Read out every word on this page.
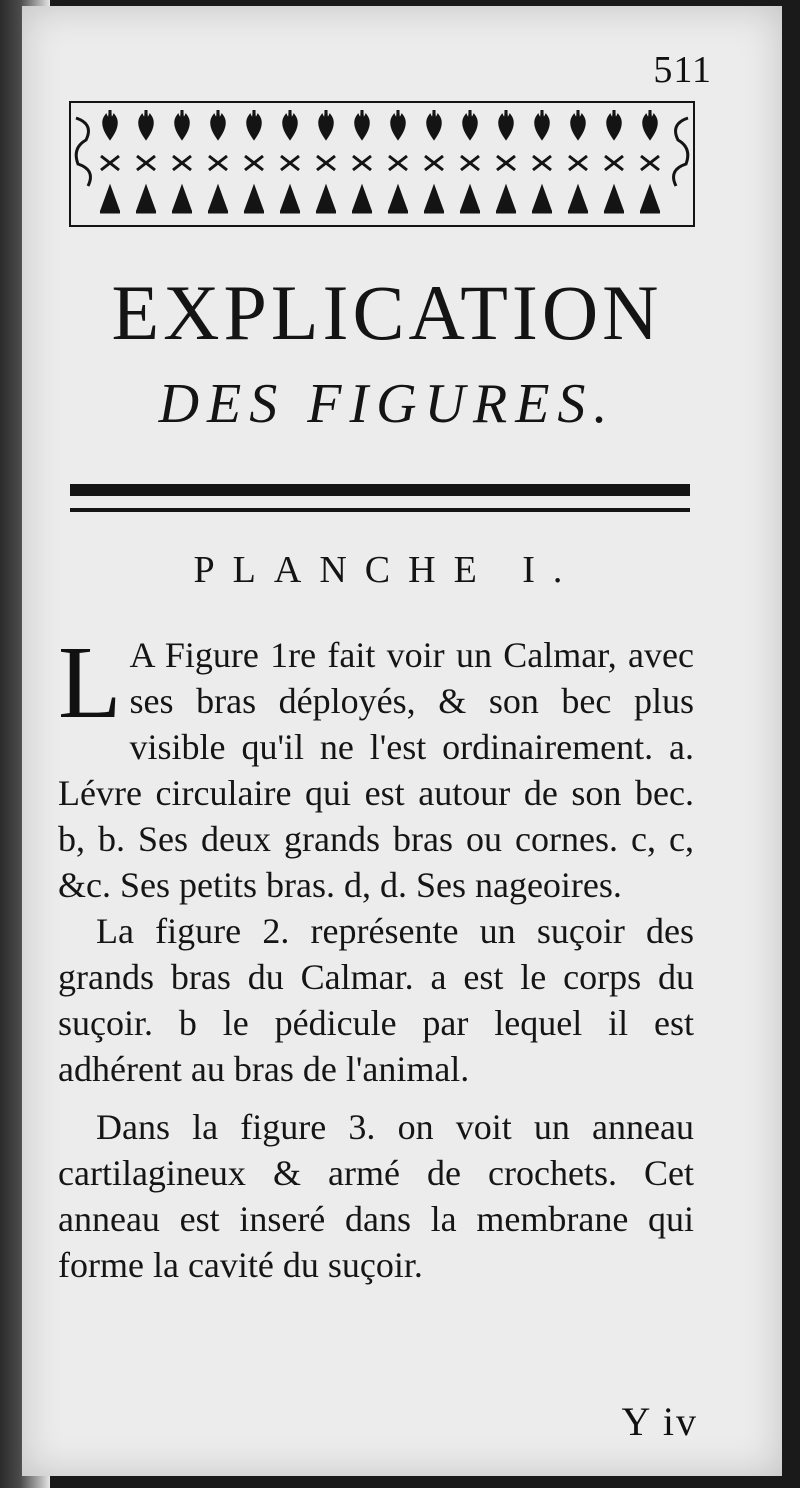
511
EXPLICATION
DES FIGURES.
PLANCHE I.

L A Figure 1re fait voir un Calmar, avec ses bras déployés, & son bec plus visible qu'il ne l'est ordinairement. a. Lévre circulaire qui est autour de son bec. b, b. Ses deux grands bras ou cornes. c, c, &c. Ses petits bras. d, d. Ses nageoires.

La figure 2. représente un suçoir des grands bras du Calmar. a est le corps du suçoir. b le pédicule par lequel il est adhérent au bras de l'animal.

Dans la figure 3. on voit un anneau cartilagineux & armé de crochets. Cet anneau est inseré dans la membrane qui forme la cavité du suçoir.

Y iv
